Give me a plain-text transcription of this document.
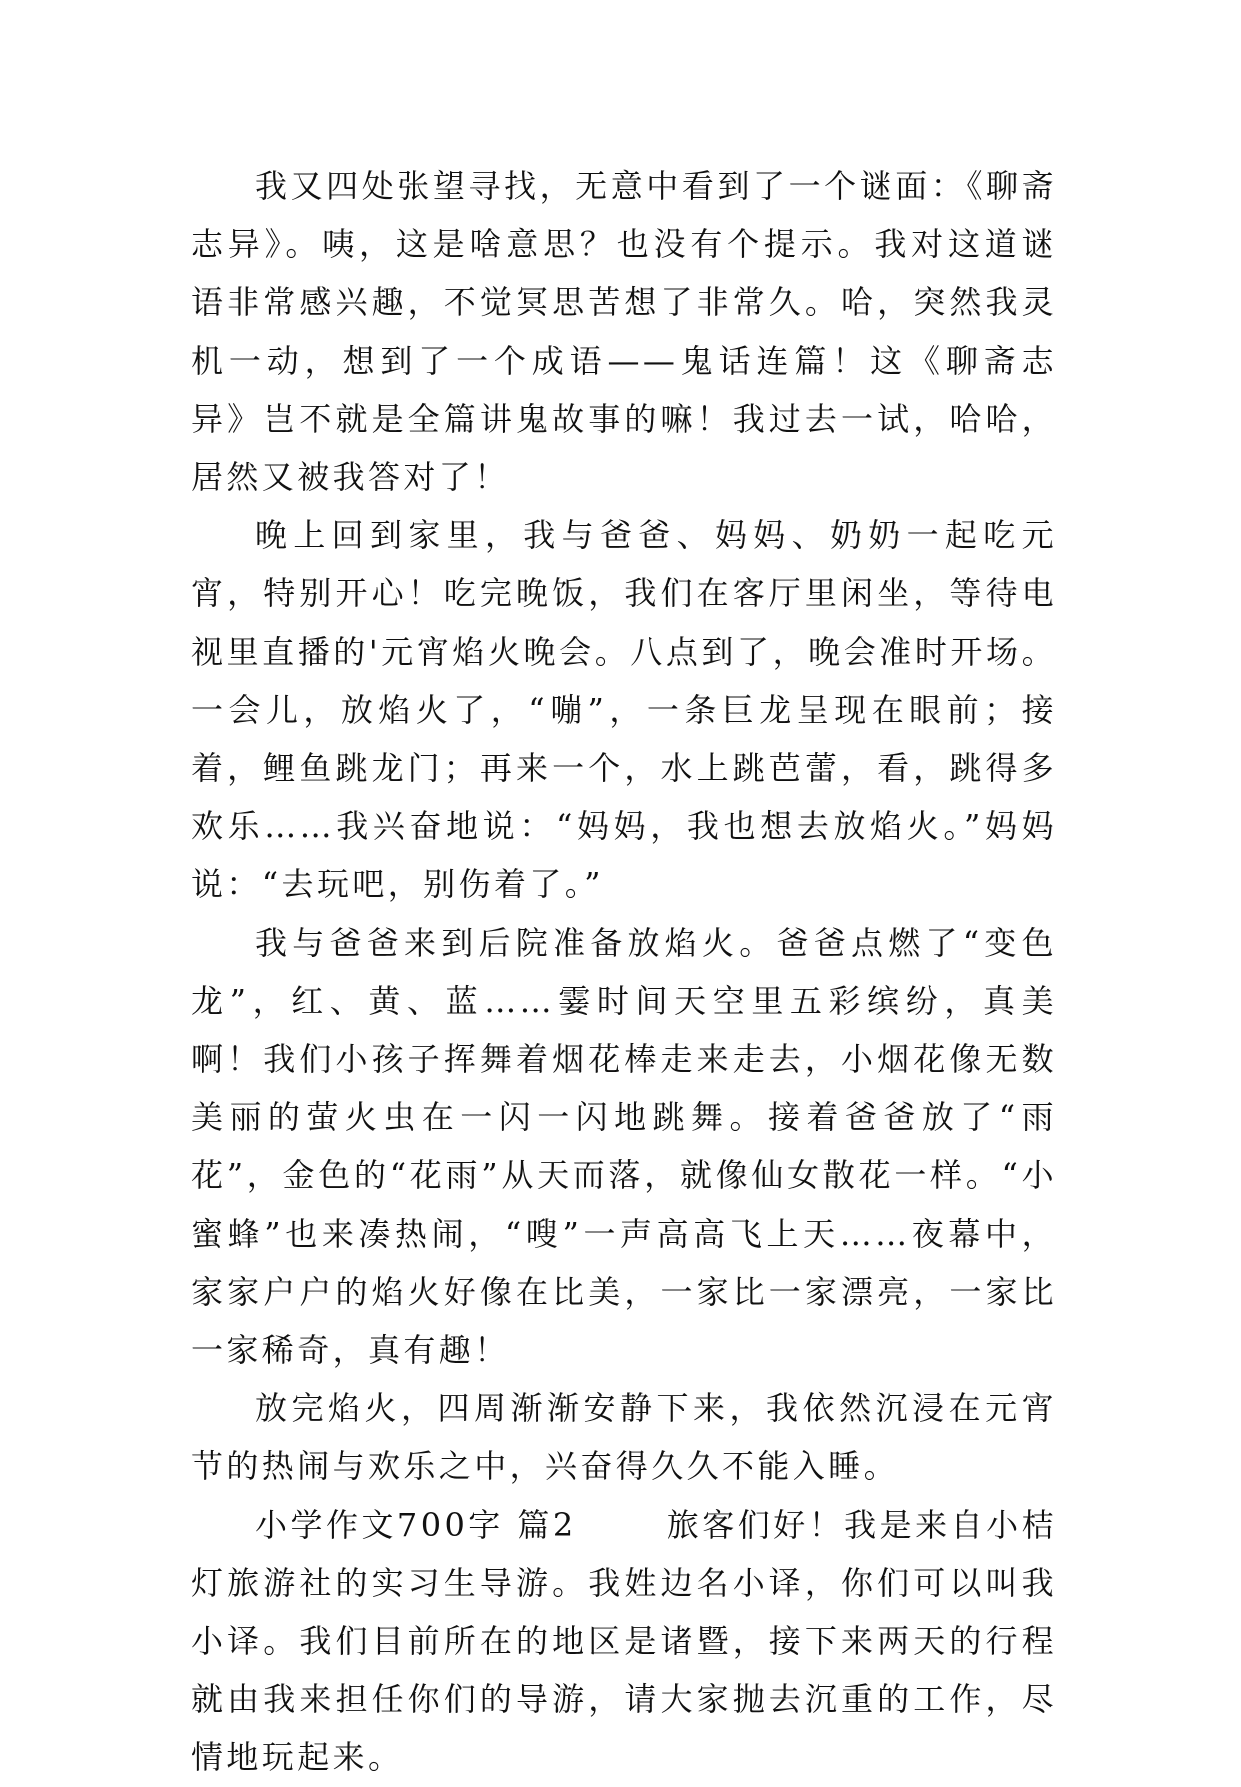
我又四处张望寻找，无意中看到了一个谜面：《聊斋志异》。咦，这是啥意思？也没有个提示。我对这道谜语非常感兴趣，不觉冥思苦想了非常久。哈，突然我灵机一动，想到了一个成语——鬼话连篇！这《聊斋志异》岂不就是全篇讲鬼故事的嘛！我过去一试，哈哈，居然又被我答对了！

晚上回到家里，我与爸爸、妈妈、奶奶一起吃元宵，特别开心！吃完晚饭，我们在客厅里闲坐，等待电视里直播的'元宵焰火晚会。八点到了，晚会准时开场。一会儿，放焰火了，“嘣”，一条巨龙呈现在眼前；接着，鲤鱼跳龙门；再来一个，水上跳芭蕾，看，跳得多欢乐……我兴奋地说：“妈妈，我也想去放焰火。”妈妈说：“去玩吧，别伤着了。”

我与爸爸来到后院准备放焰火。爸爸点燃了“变色龙”，红、黄、蓝……霎时间天空里五彩缤纷，真美啊！我们小孩子挥舞着烟花棒走来走去，小烟花像无数美丽的萤火虫在一闪一闪地跳舞。接着爸爸放了“雨花”，金色的“花雨”从天而落，就像仙女散花一样。“小蜜蜂”也来凑热闹，“嗖”一声高高飞上天……夜幕中，家家户户的焰火好像在比美，一家比一家漂亮，一家比一家稀奇，真有趣！

放完焰火，四周渐渐安静下来，我依然沉浸在元宵节的热闹与欢乐之中，兴奋得久久不能入睡。

小学作文700字 篇2	旅客们好！我是来自小桔灯旅游社的实习生导游。我姓边名小译，你们可以叫我小译。我们目前所在的地区是诸暨，接下来两天的行程就由我来担任你们的导游，请大家抛去沉重的工作，尽情地玩起来。
